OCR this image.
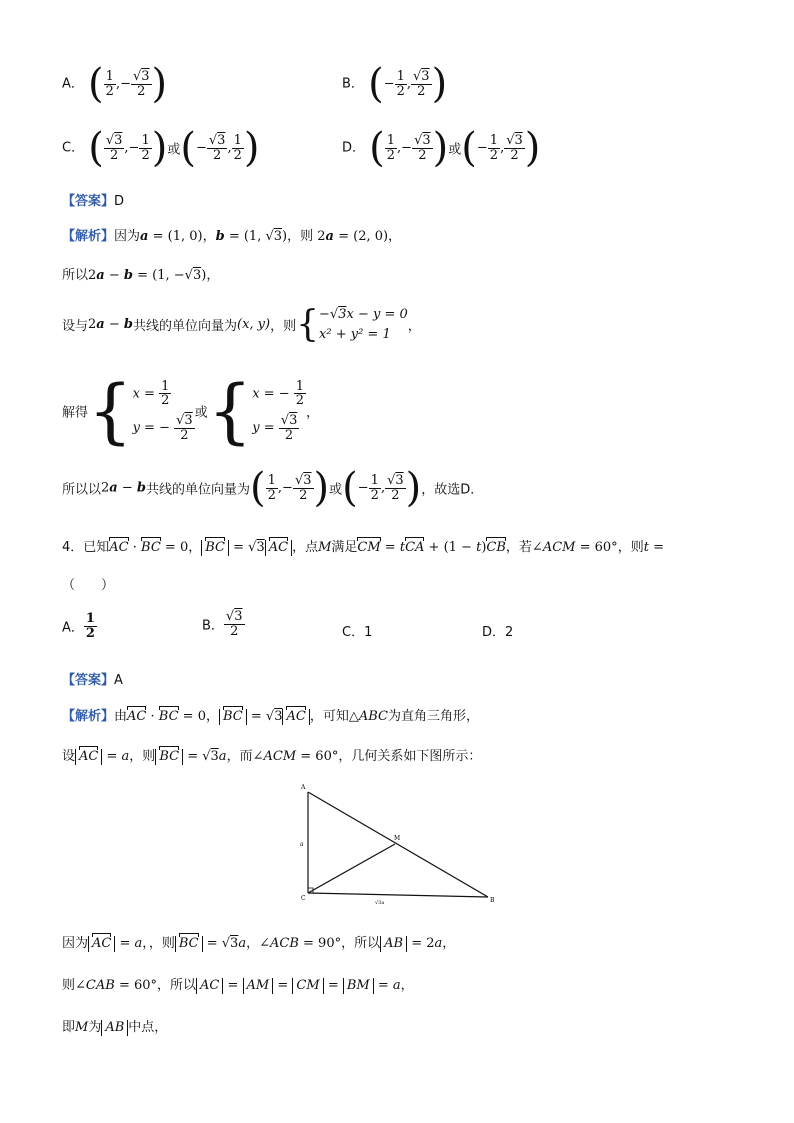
A． ( $\frac{1}{2}$ ,− $\frac{√3}{2}$ )	B． (− $\frac{1}{2}$ , $\frac{√3}{2}$ )
C． ( $\frac{√3}{2}$ ,− $\frac{1}{2}$ )或(− $\frac{√3}{2}$ , $\frac{1}{2}$ )	D． ( $\frac{1}{2}$ ,− $\frac{√3}{2}$ )或(− $\frac{1}{2}$ , $\frac{√3}{2}$ )
【答案】D
【解析】因为a = (1, 0)，b = (1, √3)，则 2a = (2, 0)，
所以2a − b = (1, −√3)，
设与2a − b共线的单位向量为(x, y)，则{ −√3x − y = 0
x² + y² = 1	，
解得{ $x = \frac{1}{2}$
y = − $\frac{√3}{2}$
或{ x = − $\frac{1}{2}$
$y = \frac{√3}{2}$
，
所以以2a − b共线的单位向量为( $\frac{1}{2}$ ,− $\frac{√3}{2}$ )或(− $\frac{1}{2}$ , $\frac{√3}{2}$ )，故选D．
4．已知AC · BC = 0， BC = √3 AC ，点M满足CM = tCA + (1 − t)CB，若∠ACM = 60°，则t =
（　　）
A． $\frac{1}{2}$	B． $\frac{√3}{2}$	C．1	D．2
【答案】A
【解析】由AC · BC = 0， BC = √3 AC ，可知△ABC为直角三角形，
设 AC = a，则 BC = √3a，而∠ACM = 60°，几何关系如下图所示：
A
C	B
M
a
√3a
因为 AC = a，，则 BC = √3a，∠ACB = 90°，所以 AB = 2a，
则∠CAB = 60°，所以 AC = AM = CM = BM = a，
即M为 AB 中点，
